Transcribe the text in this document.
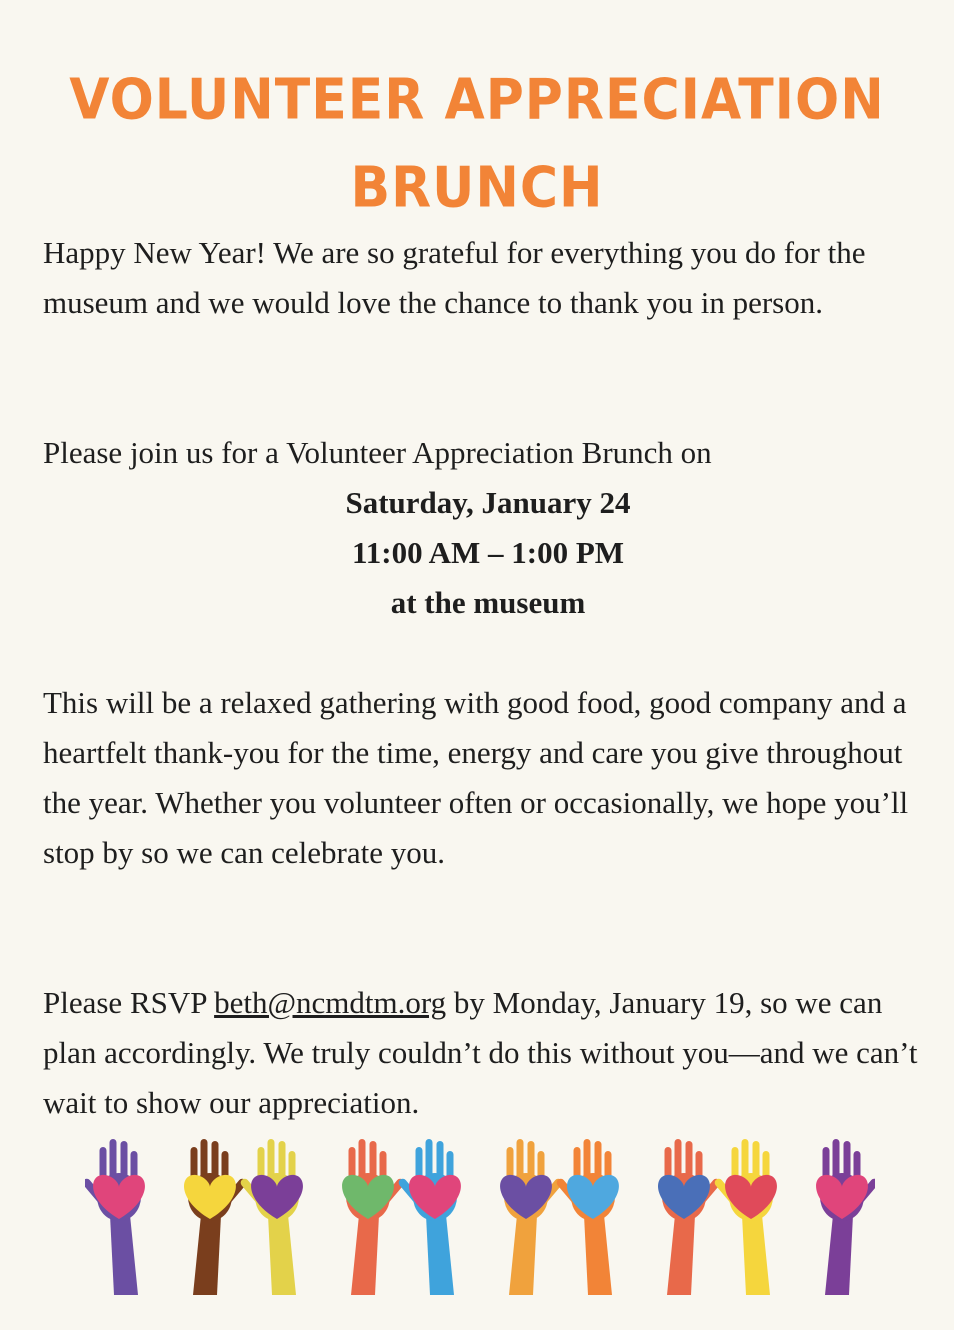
VOLUNTEER APPRECIATION
BRUNCH

Happy New Year! We are so grateful for everything you do for the museum and we would love the chance to thank you in person.

Please join us for a Volunteer Appreciation Brunch on

Saturday, January 24
11:00 AM – 1:00 PM
at the museum

This will be a relaxed gathering with good food, good company and a heartfelt thank-you for the time, energy and care you give throughout the year. Whether you volunteer often or occasionally, we hope you’ll stop by so we can celebrate you.

Please RSVP beth@ncmdtm.org by Monday, January 19, so we can plan accordingly. We truly couldn’t do this without you—and we can’t wait to show our appreciation.
